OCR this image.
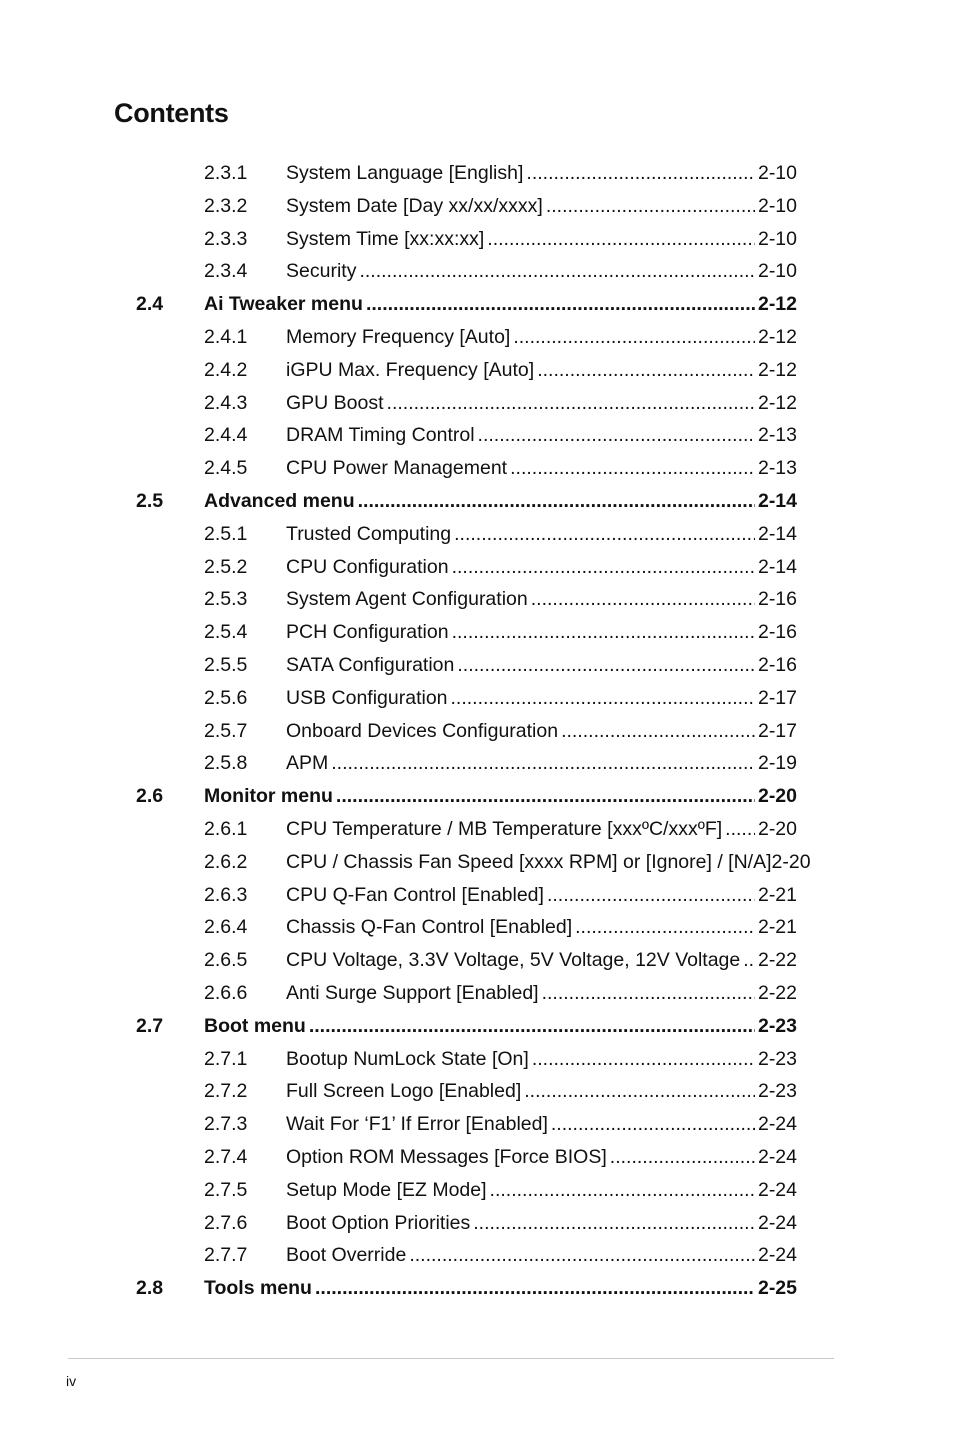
Contents
2.3.1 System Language [English] .....	2-10
2.3.2 System Date [Day xx/xx/xxxx] .....	2-10
2.3.3 System Time [xx:xx:xx] .....	2-10
2.3.4 Security .....	2-10
2.4 Ai Tweaker menu .....	2-12
2.4.1 Memory Frequency [Auto] .....	2-12
2.4.2 iGPU Max. Frequency [Auto] .....	2-12
2.4.3 GPU Boost .....	2-12
2.4.4 DRAM Timing Control .....	2-13
2.4.5 CPU Power Management .....	2-13
2.5 Advanced menu .....	2-14
2.5.1 Trusted Computing .....	2-14
2.5.2 CPU Configuration .....	2-14
2.5.3 System Agent Configuration .....	2-16
2.5.4 PCH Configuration .....	2-16
2.5.5 SATA Configuration .....	2-16
2.5.6 USB Configuration .....	2-17
2.5.7 Onboard Devices Configuration .....	2-17
2.5.8 APM .....	2-19
2.6 Monitor menu .....	2-20
2.6.1 CPU Temperature / MB Temperature [xxxºC/xxxºF] ..... 2-20
2.6.2 CPU / Chassis Fan Speed [xxxx RPM] or [Ignore] / [N/A] 2-20
2.6.3 CPU Q-Fan Control [Enabled] .....	2-21
2.6.4 Chassis Q-Fan Control [Enabled] .....	2-21
2.6.5 CPU Voltage, 3.3V Voltage, 5V Voltage, 12V Voltage ..... 2-22
2.6.6 Anti Surge Support [Enabled] .....	2-22
2.7 Boot menu .....	2-23
2.7.1 Bootup NumLock State [On] .....	2-23
2.7.2 Full Screen Logo [Enabled] .....	2-23
2.7.3 Wait For ‘F1’ If Error [Enabled] .....	2-24
2.7.4 Option ROM Messages [Force BIOS] .....	2-24
2.7.5 Setup Mode [EZ Mode] .....	2-24
2.7.6 Boot Option Priorities .....	2-24
2.7.7 Boot Override .....	2-24
2.8 Tools menu .....	2-25
iv
